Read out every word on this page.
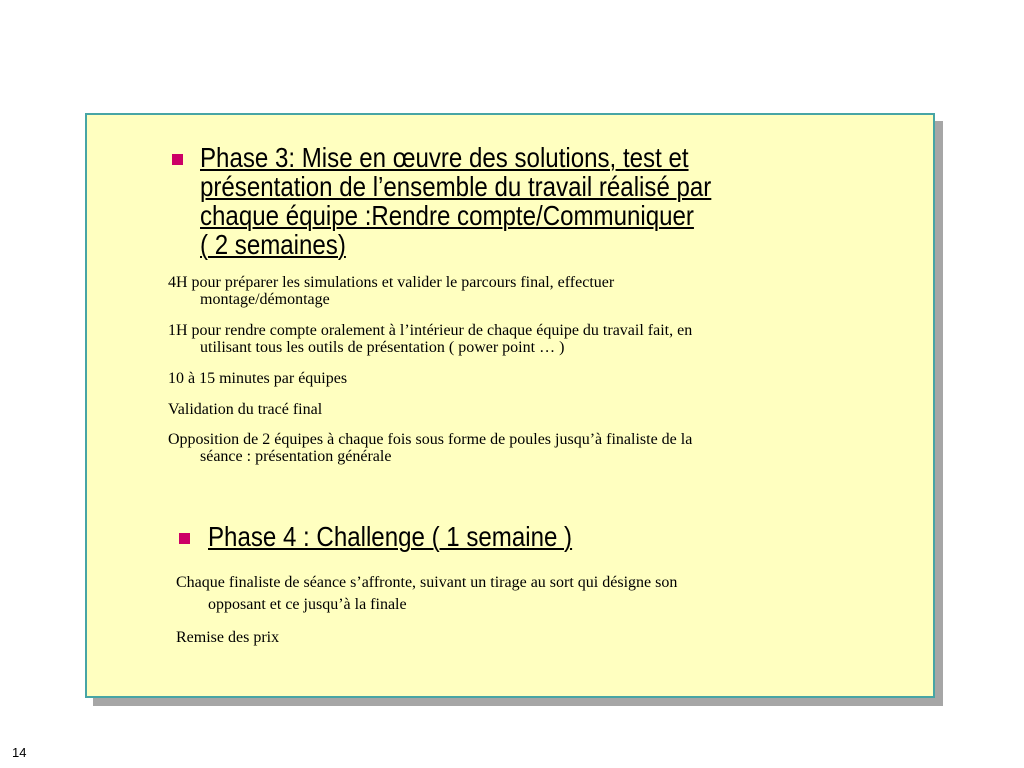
Phase 3: Mise en œuvre des solutions, test et
présentation de l’ensemble du travail réalisé par
chaque équipe :Rendre compte/Communiquer
( 2 semaines)
4H pour préparer les simulations et valider le parcours final, effectuer
montage/démontage
1H pour rendre compte oralement à l’intérieur de chaque équipe du travail fait, en
utilisant tous les outils de présentation ( power point … )
10 à 15 minutes par équipes
Validation du tracé final
Opposition de 2 équipes à chaque fois sous forme de poules jusqu’à finaliste de la
séance : présentation générale
Phase 4 : Challenge ( 1 semaine )
Chaque finaliste de séance s’affronte, suivant un tirage au sort qui désigne son
opposant et ce jusqu’à la finale
Remise des prix
14
